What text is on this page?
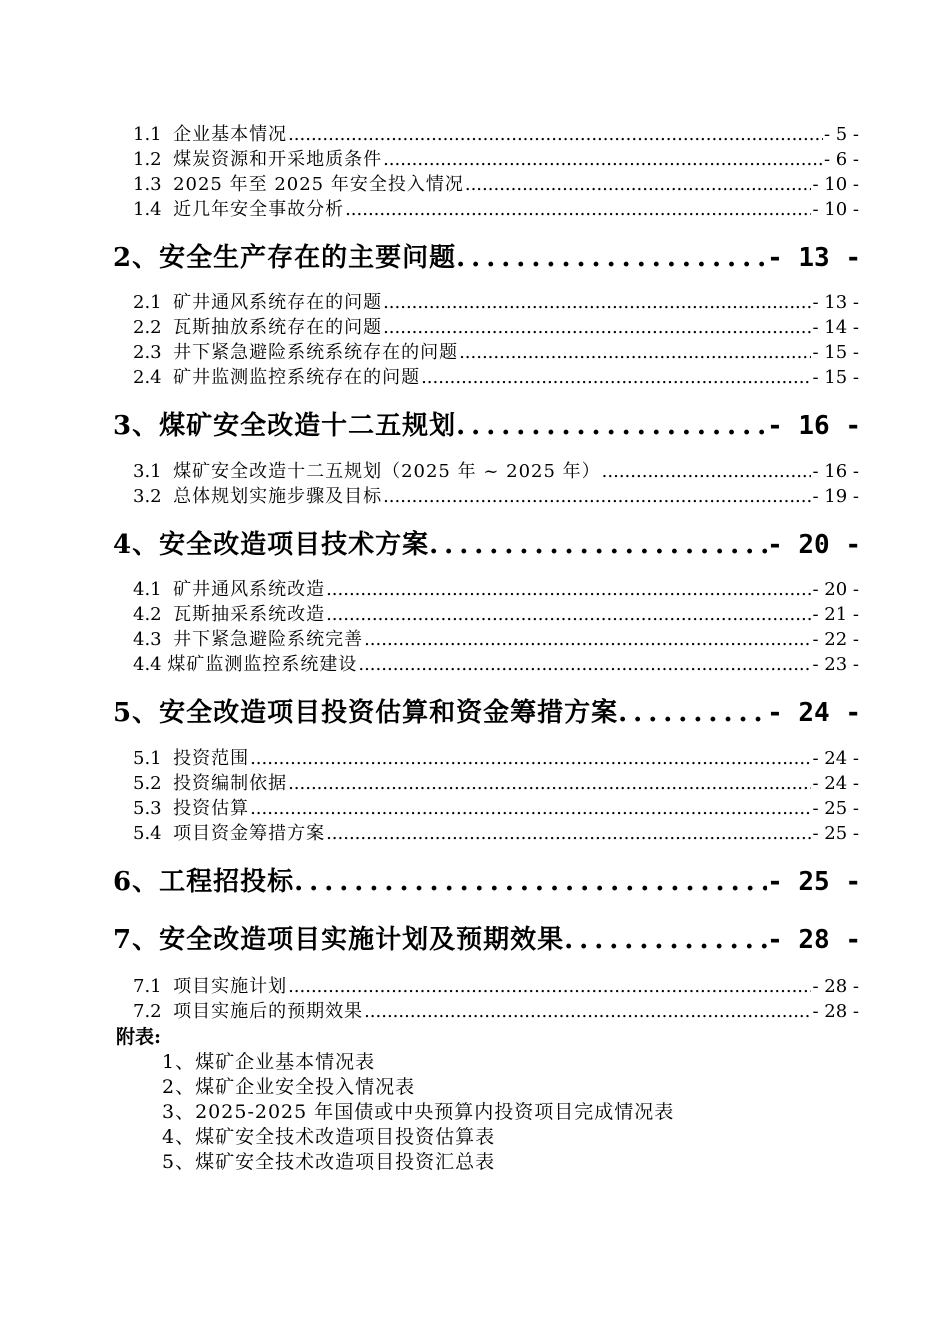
1.1 企业基本情况 .....	- 5 -
1.2 煤炭资源和开采地质条件 .....	- 6 -
1.3 2025 年至 2025 年安全投入情况 .....	- 10 -
1.4 近几年安全事故分析 .....	- 10 -
2、安全生产存在的主要问题 .....	- 13 -
2.1 矿井通风系统存在的问题 .....	- 13 -
2.2 瓦斯抽放系统存在的问题 .....	- 14 -
2.3 井下紧急避险系统系统存在的问题 .....	- 15 -
2.4 矿井监测监控系统存在的问题 .....	- 15 -
3、煤矿安全改造十二五规划 .....	- 16 -
3.1 煤矿安全改造十二五规划（2025 年 ~ 2025 年） .....	- 16 -
3.2 总体规划实施步骤及目标 .....	- 19 -
4、安全改造项目技术方案 .....	- 20 -
4.1 矿井通风系统改造 .....	- 20 -
4.2 瓦斯抽采系统改造 .....	- 21 -
4.3 井下紧急避险系统完善 .....	- 22 -
4.4 煤矿监测监控系统建设 .....	- 23 -
5、安全改造项目投资估算和资金筹措方案 .....	- 24 -
5.1 投资范围 .....	- 24 -
5.2 投资编制依据 .....	- 24 -
5.3 投资估算 .....	- 25 -
5.4 项目资金筹措方案 .....	- 25 -
6、工程招投标 .....	- 25 -
7、安全改造项目实施计划及预期效果 .....	- 28 -
7.1 项目实施计划 .....	- 28 -
7.2 项目实施后的预期效果 .....	- 28 -
附表:
1、煤矿企业基本情况表
2、煤矿企业安全投入情况表
3、2025-2025 年国债或中央预算内投资项目完成情况表
4、煤矿安全技术改造项目投资估算表
5、煤矿安全技术改造项目投资汇总表
